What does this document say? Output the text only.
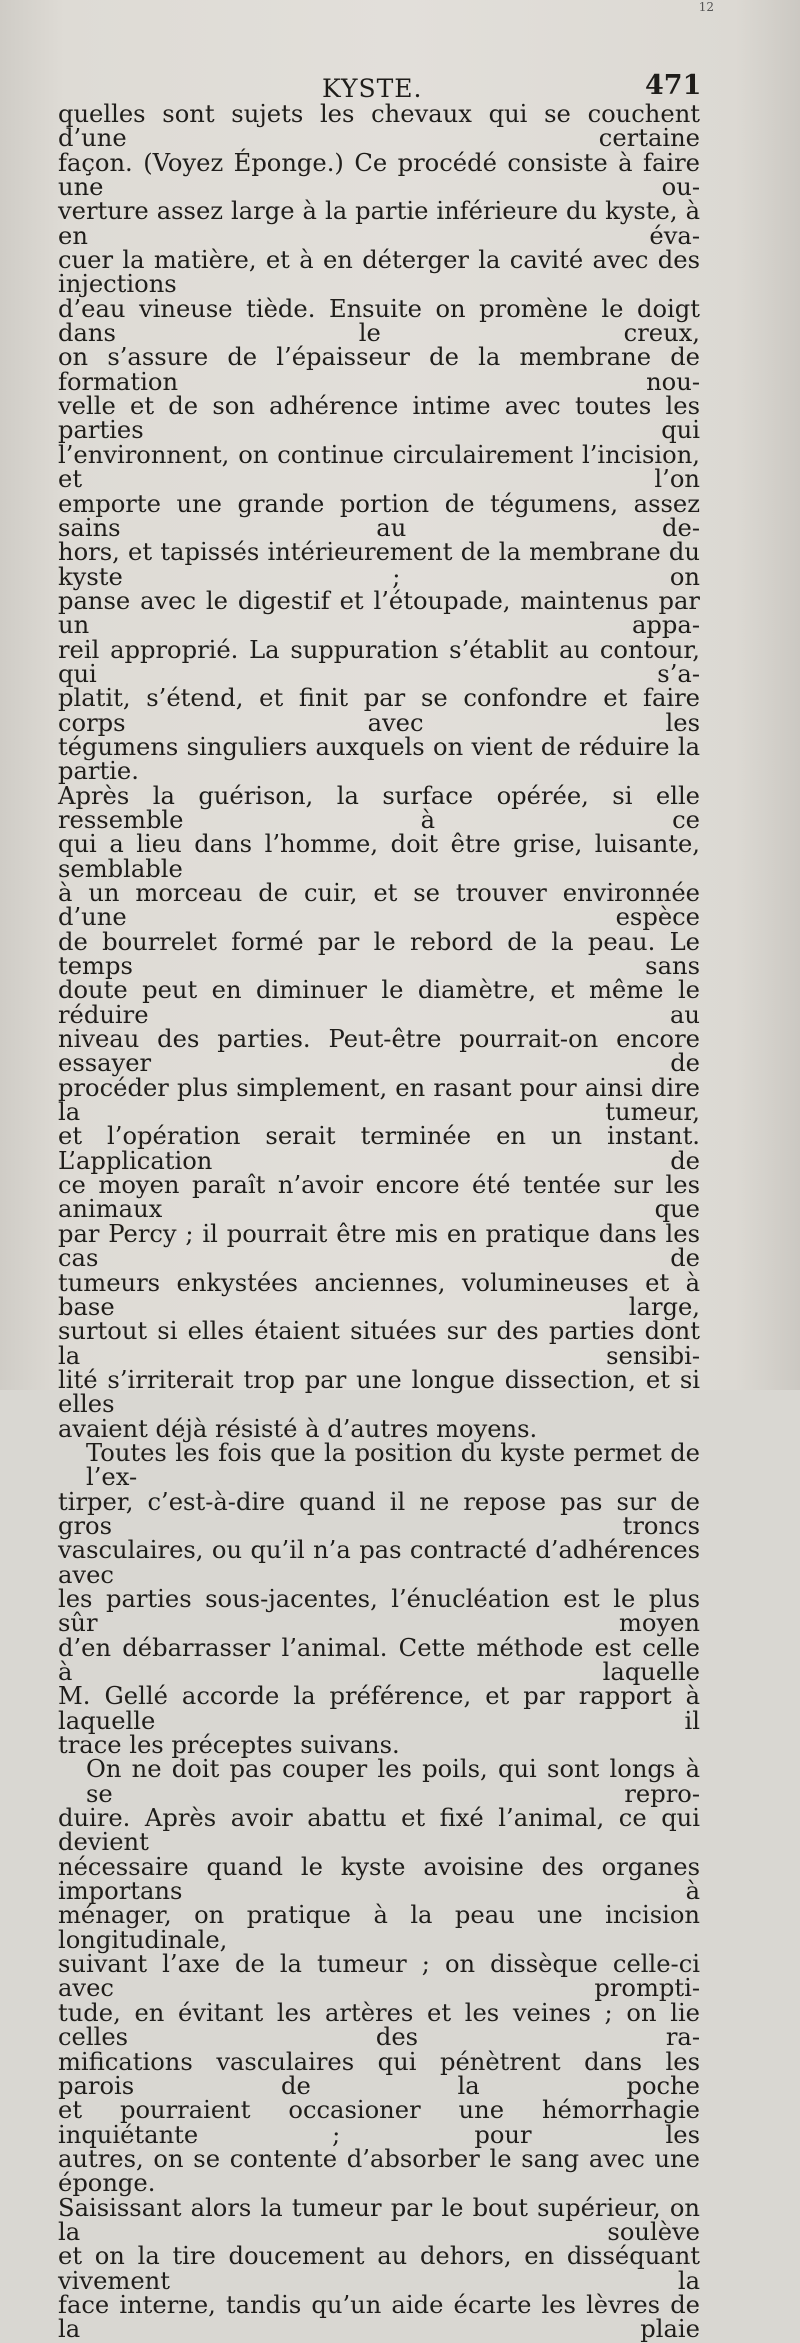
12
KYSTE.	471
quelles sont sujets les chevaux qui se couchent d’une certaine
façon. (Voyez Éponge.) Ce procédé consiste à faire une ou-
verture assez large à la partie inférieure du kyste, à en éva-
cuer la matière, et à en déterger la cavité avec des injections
d’eau vineuse tiède. Ensuite on promène le doigt dans le creux,
on s’assure de l’épaisseur de la membrane de formation nou-
velle et de son adhérence intime avec toutes les parties qui
l’environnent, on continue circulairement l’incision, et l’on
emporte une grande portion de tégumens, assez sains au de-
hors, et tapissés intérieurement de la membrane du kyste ; on
panse avec le digestif et l’étoupade, maintenus par un appa-
reil approprié. La suppuration s’établit au contour, qui s’a-
platit, s’étend, et finit par se confondre et faire corps avec les
tégumens singuliers auxquels on vient de réduire la partie.
Après la guérison, la surface opérée, si elle ressemble à ce
qui a lieu dans l’homme, doit être grise, luisante, semblable
à un morceau de cuir, et se trouver environnée d’une espèce
de bourrelet formé par le rebord de la peau. Le temps sans
doute peut en diminuer le diamètre, et même le réduire au
niveau des parties. Peut-être pourrait-on encore essayer de
procéder plus simplement, en rasant pour ainsi dire la tumeur,
et l’opération serait terminée en un instant. L’application de
ce moyen paraît n’avoir encore été tentée sur les animaux que
par Percy ; il pourrait être mis en pratique dans les cas de
tumeurs enkystées anciennes, volumineuses et à base large,
surtout si elles étaient situées sur des parties dont la sensibi-
lité s’irriterait trop par une longue dissection, et si elles
avaient déjà résisté à d’autres moyens.
Toutes les fois que la position du kyste permet de l’ex-
tirper, c’est-à-dire quand il ne repose pas sur de gros troncs
vasculaires, ou qu’il n’a pas contracté d’adhérences avec
les parties sous-jacentes, l’énucléation est le plus sûr moyen
d’en débarrasser l’animal. Cette méthode est celle à laquelle
M. Gellé accorde la préférence, et par rapport à laquelle il
trace les préceptes suivans.
On ne doit pas couper les poils, qui sont longs à se repro-
duire. Après avoir abattu et fixé l’animal, ce qui devient
nécessaire quand le kyste avoisine des organes importans à
ménager, on pratique à la peau une incision longitudinale,
suivant l’axe de la tumeur ; on dissèque celle-ci avec prompti-
tude, en évitant les artères et les veines ; on lie celles des ra-
mifications vasculaires qui pénètrent dans les parois de la poche
et pourraient occasioner une hémorrhagie inquiétante ; pour les
autres, on se contente d’absorber le sang avec une éponge.
Saisissant alors la tumeur par le bout supérieur, on la soulève
et on la tire doucement au dehors, en disséquant vivement la
face interne, tandis qu’un aide écarte les lèvres de la plaie
